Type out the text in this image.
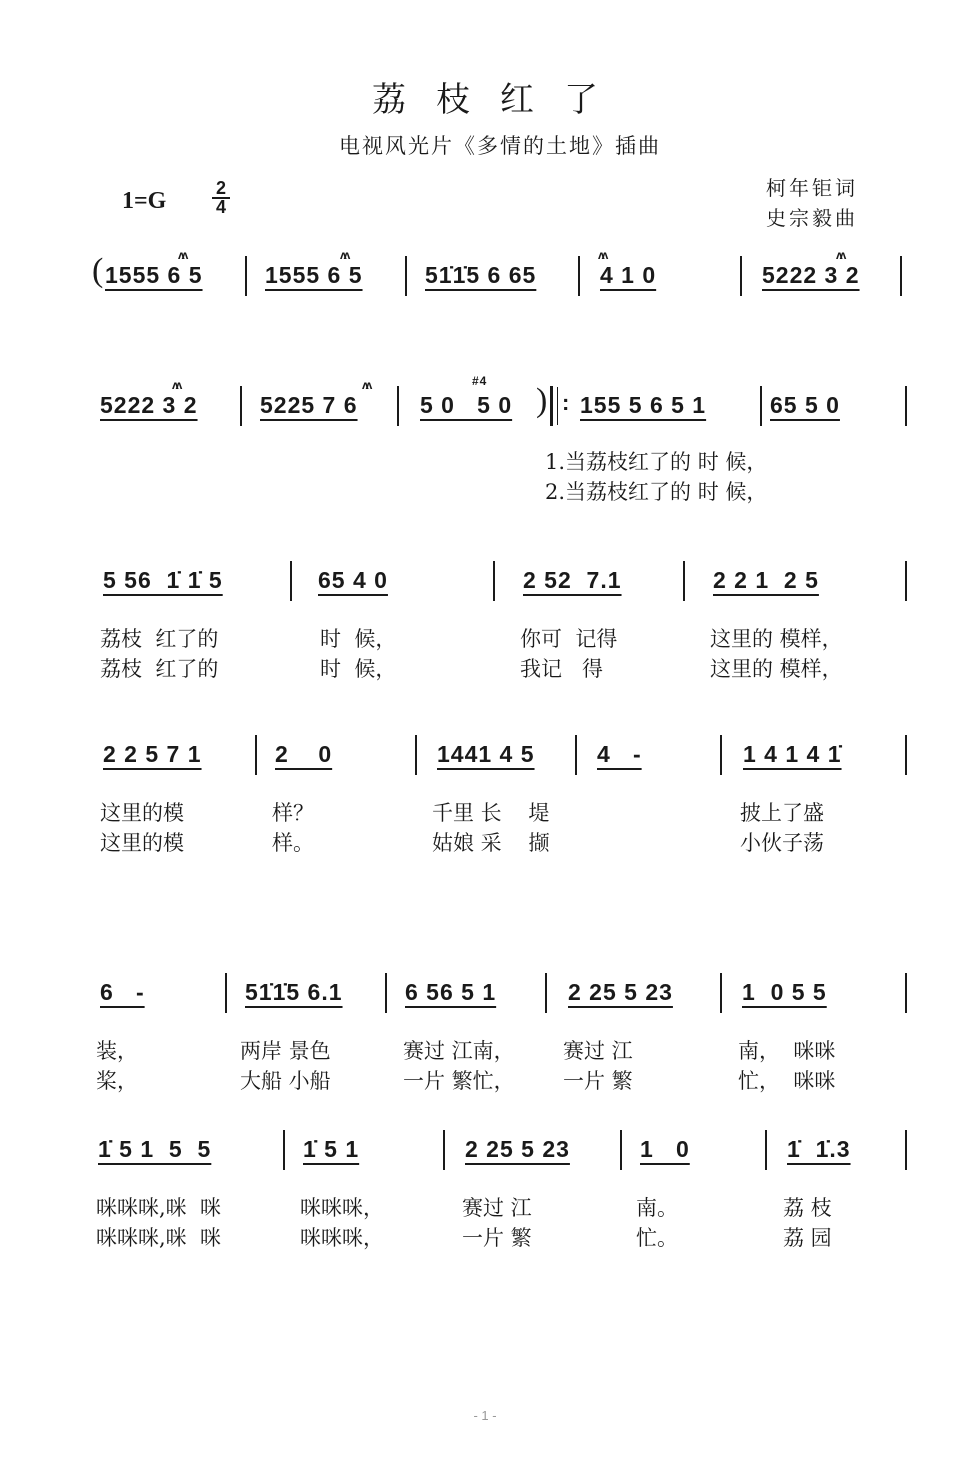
荔枝红了
电视风光片《多情的土地》插曲
1=G	2
4
柯年钜词
史宗毅曲
- 1 -
1555 6 5	1555 6 5	51̇1̇5 6 65	4 1 0	5222 3 2
5222 3 2	5225 7 6	5 0   5 0	155 5 6 5 1	65 5 0
:
)
1.当荔枝红了的 时 候，
2.当荔枝红了的 时 候，
5 56  1̇ 1̇ 5	65 4 0	2 52  7.1	2 2 1  2 5
荔枝  红了的	时  候，	你可  记得	这里的 模样，
荔枝  红了的	时  候，	我记   得	这里的 模样，
2 2 5 7 1	2    0	1441 4 5	4   -	1 4 1 4 1̇
这里的模	样？	千里 长    堤	披上了盛
这里的模	样。	姑娘 采    撷	小伙子荡
6   -	51̇1̇5 6.1	6 56 5 1	2 25 5 23	1  0 5 5
装，	两岸 景色	赛过 江南， 赛过 江	南，  咪咪
桨，	大船 小船	一片 繁忙， 一片 繁	忙，  咪咪
1̇ 5 1  5  5	1̇ 5 1	2 25 5 23	1   0	1̇  1̇.3
咪咪咪,咪  咪	咪咪咪，	赛过 江	南。	荔 枝
咪咪咪,咪  咪	咪咪咪，	一片 繁	忙。	荔 园
(
#4
ʌʌ	ʌʌ	ʌʌ	ʌʌ
ʌʌ	ʌʌ
